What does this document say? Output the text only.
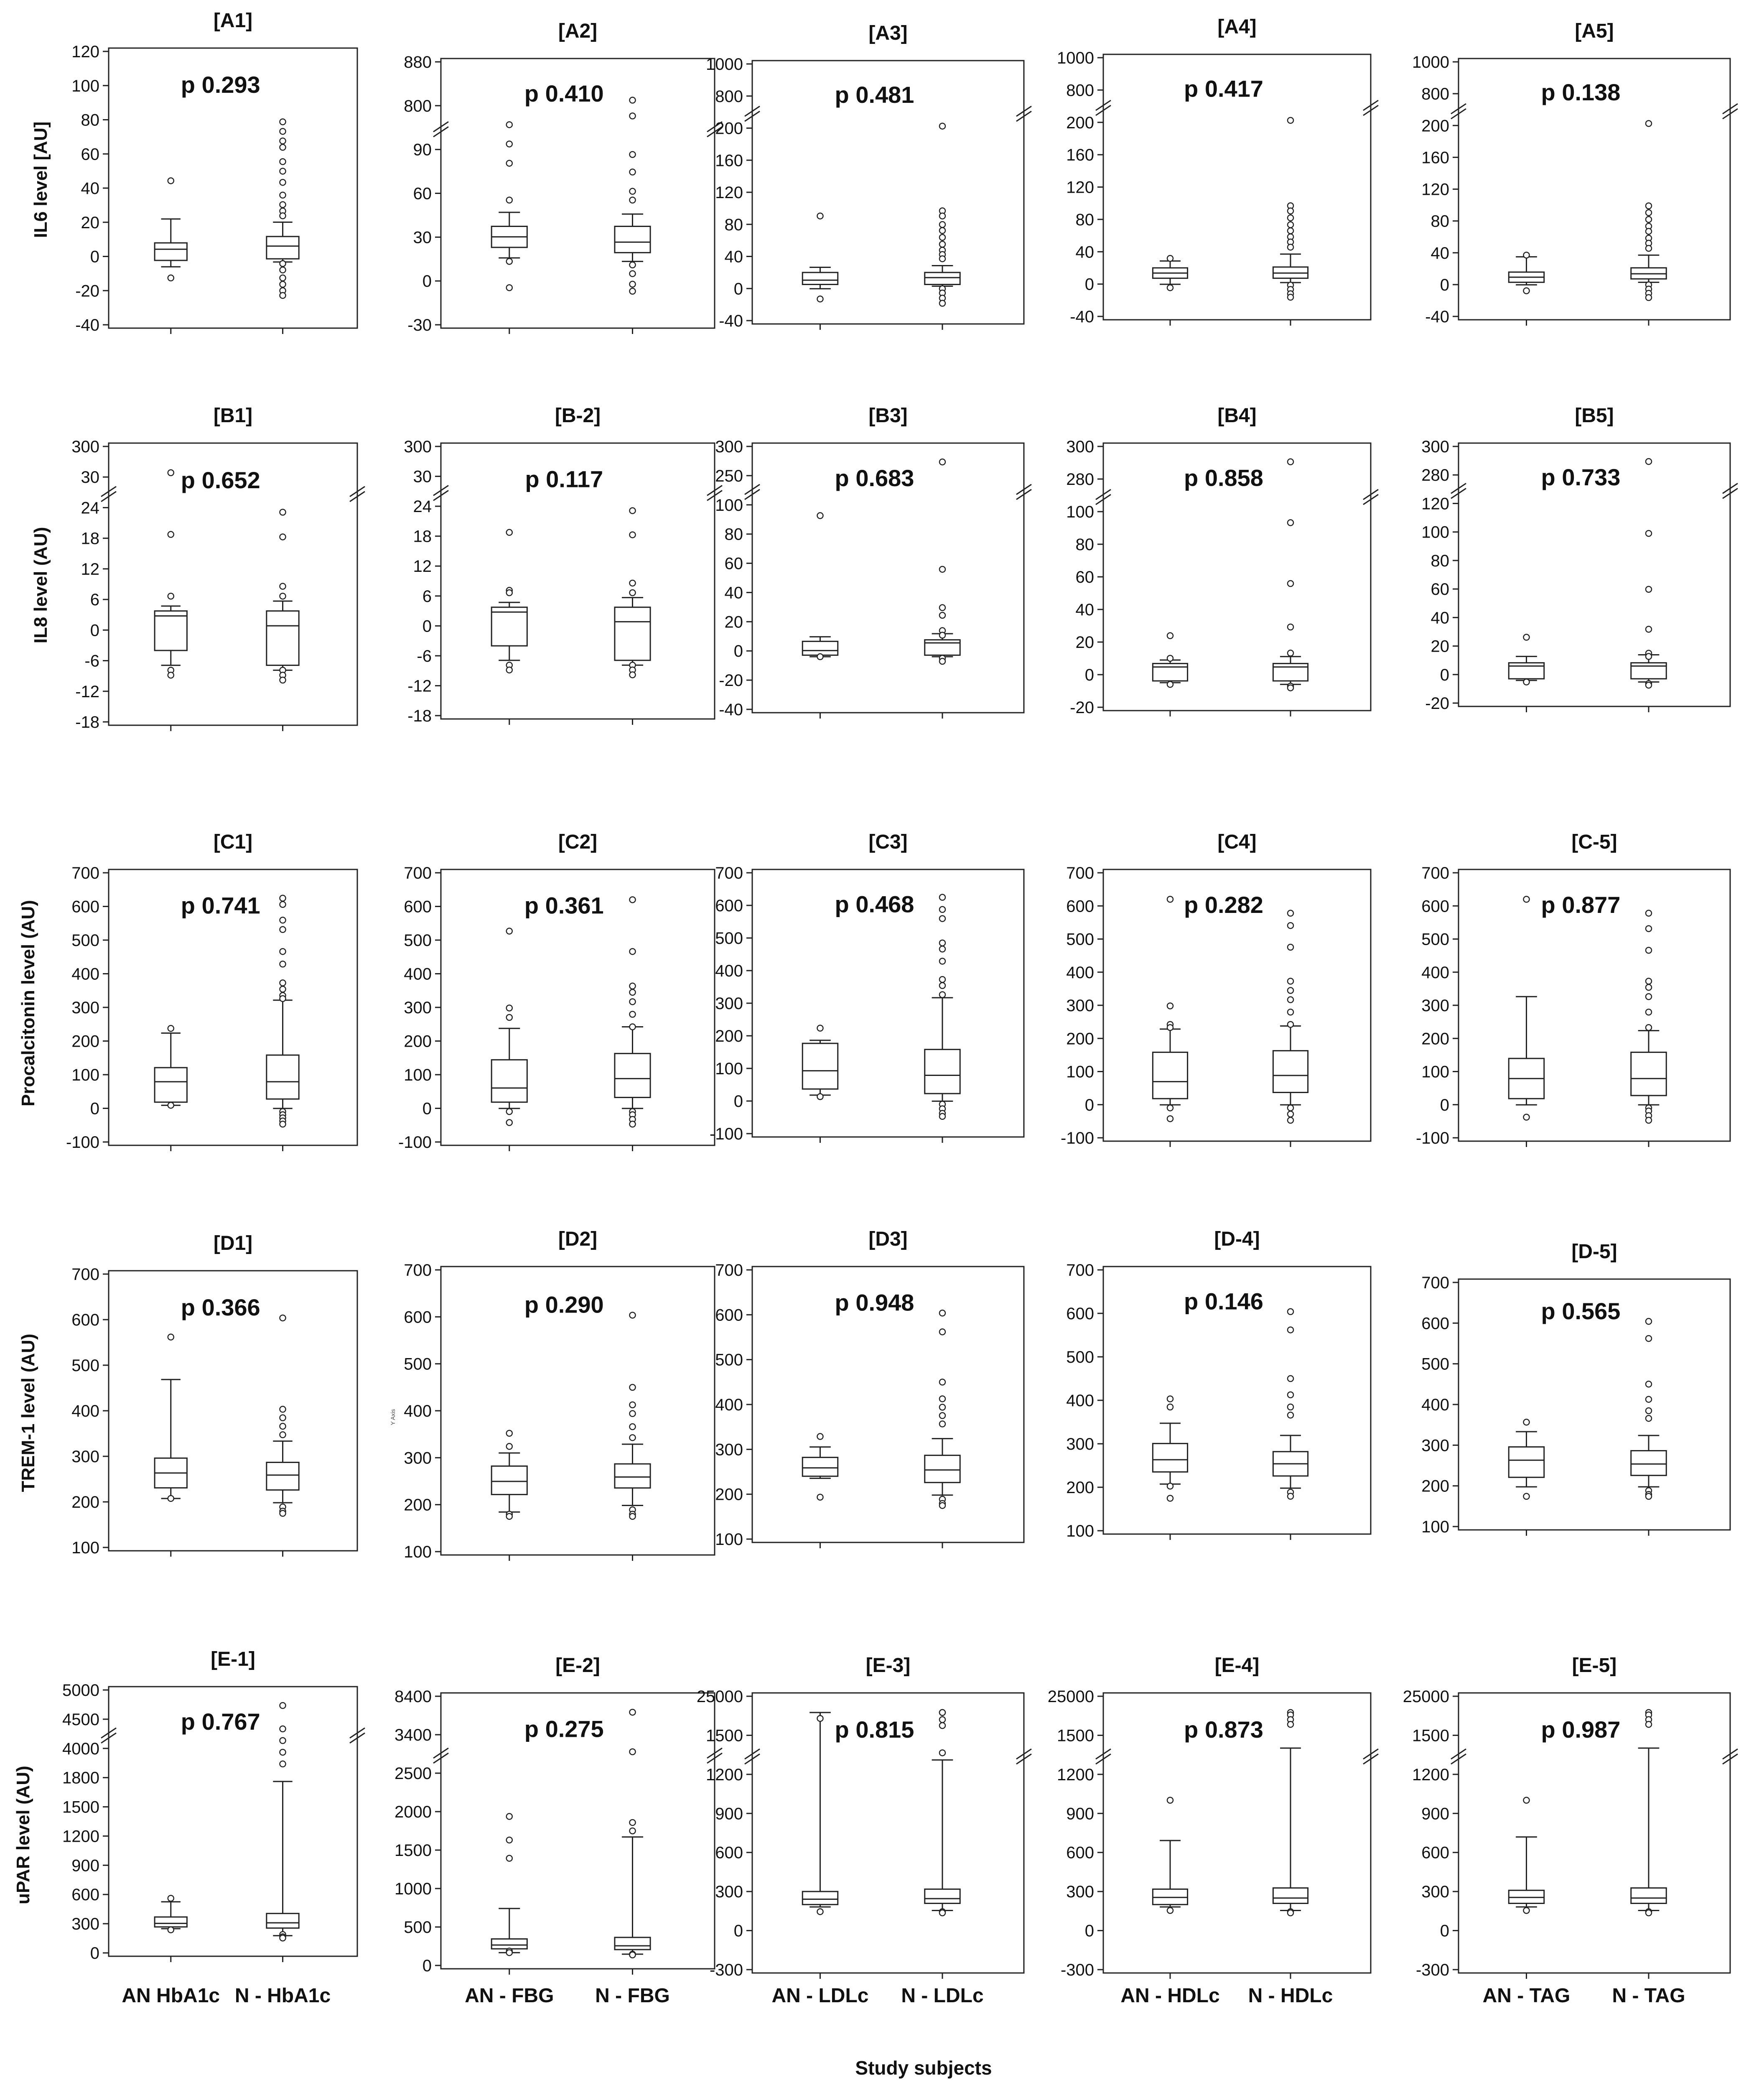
[A1]
120
100
80
60
40
20
0
-20
-40
p 0.293
[A2]
880
800
90
60
30
0
-30
p 0.410
[A3]
1000
800
200
160
120
80
40
0
-40
p 0.481
[A4]
1000
800
200
160
120
80
40
0
-40
p 0.417
[A5]
1000
800
200
160
120
80
40
0
-40
p 0.138
[B1]
300
30
24
18
12
6
0
-6
-12
-18
p 0.652
[B-2]
300
30
24
18
12
6
0
-6
-12
-18
p 0.117
[B3]
300
250
100
80
60
40
20
0
-20
-40
p 0.683
[B4]
300
280
100
80
60
40
20
0
-20
p 0.858
[B5]
300
280
120
100
80
60
40
20
0
-20
p 0.733
[C1]
700
600
500
400
300
200
100
0
-100
p 0.741
[C2]
700
600
500
400
300
200
100
0
-100
p 0.361
[C3]
700
600
500
400
300
200
100
0
-100
p 0.468
[C4]
700
600
500
400
300
200
100
0
-100
p 0.282
[C-5]
700
600
500
400
300
200
100
0
-100
p 0.877
[D1]
700
600
500
400
300
200
100
p 0.366
[D2]
700
600
500
400
300
200
100
p 0.290
Y Axis
[D3]
700
600
500
400
300
200
100
p 0.948
[D-4]
700
600
500
400
300
200
100
p 0.146
[D-5]
700
600
500
400
300
200
100
p 0.565
[E-1]
5000
4500
4000
1800
1500
1200
900
600
300
0
p 0.767
AN HbA1c N - HbA1c
[E-2]
8400
3400
2500
2000
1500
1000
500
0
p 0.275
AN - FBG N - FBG
[E-3]
25000
1500
1200
900
600
300
0
-300
p 0.815
AN - LDLc N - LDLc
[E-4]
25000
1500
1200
900
600
300
0
-300
p 0.873
AN - HDLc N - HDLc
[E-5]
25000
1500
1200
900
600
300
0
-300
p 0.987
AN - TAG N - TAG
IL6 level [AU]
IL8 level (AU)
Procalcitonin level (AU)
TREM-1 level (AU)
uPAR level (AU)
Study subjects
